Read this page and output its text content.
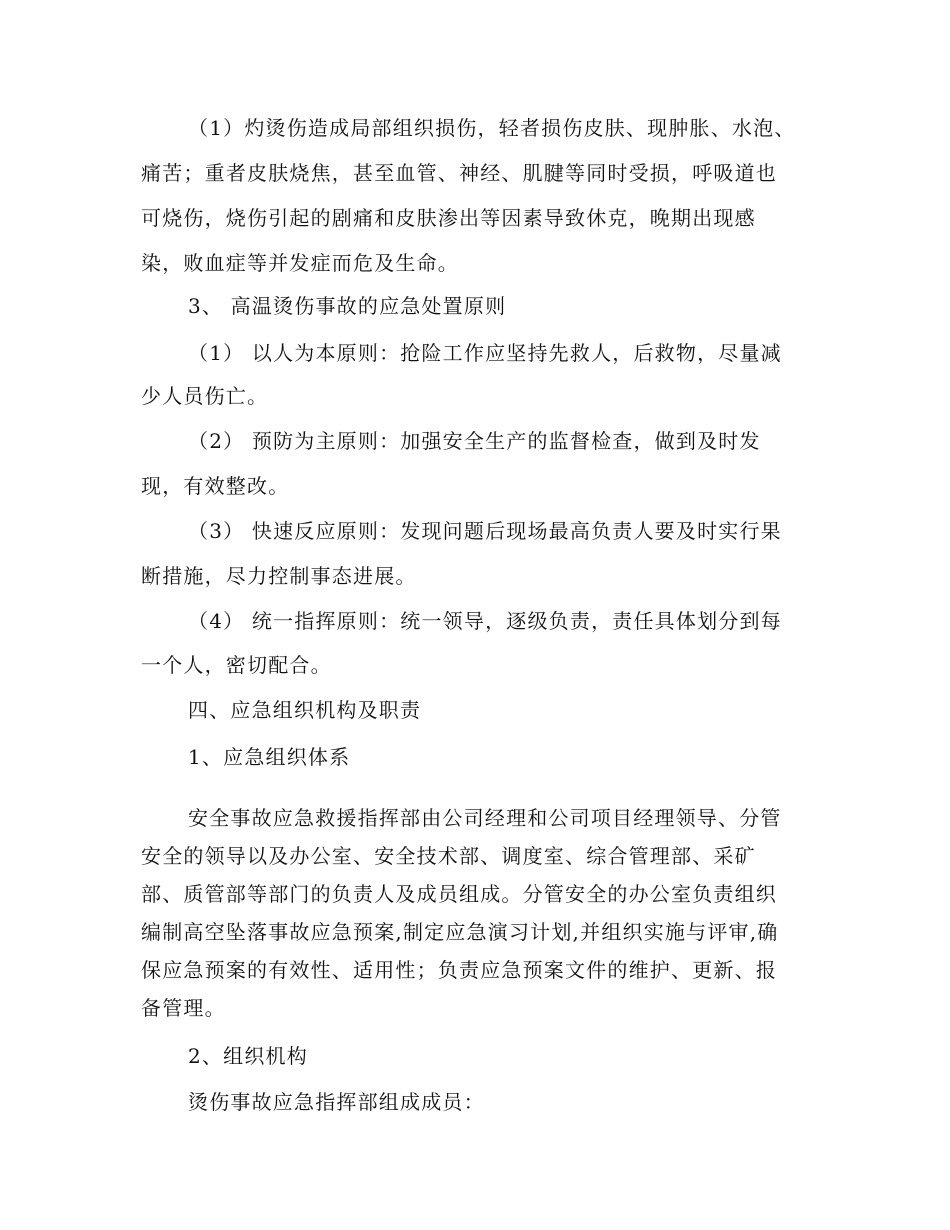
（1）灼烫伤造成局部组织损伤，轻者损伤皮肤、现肿胀、水泡、
痛苦；重者皮肤烧焦，甚至血管、神经、肌腱等同时受损，呼吸道也
可烧伤，烧伤引起的剧痛和皮肤渗出等因素导致休克，晚期出现感
染，败血症等并发症而危及生命。
3、 高温烫伤事故的应急处置原则
（1） 以人为本原则：抢险工作应坚持先救人，后救物，尽量减
少人员伤亡。
（2） 预防为主原则：加强安全生产的监督检查，做到及时发
现，有效整改。
（3） 快速反应原则：发现问题后现场最高负责人要及时实行果
断措施，尽力控制事态进展。
（4） 统一指挥原则：统一领导，逐级负责，责任具体划分到每
一个人，密切配合。
四、应急组织机构及职责
1、应急组织体系
安全事故应急救援指挥部由公司经理和公司项目经理领导、分管
安全的领导以及办公室、安全技术部、调度室、综合管理部、采矿
部、质管部等部门的负责人及成员组成。分管安全的办公室负责组织
编制高空坠落事故应急预案,制定应急演习计划,并组织实施与评审,确
保应急预案的有效性、适用性；负责应急预案文件的维护、更新、报
备管理。
2、组织机构
烫伤事故应急指挥部组成成员：
